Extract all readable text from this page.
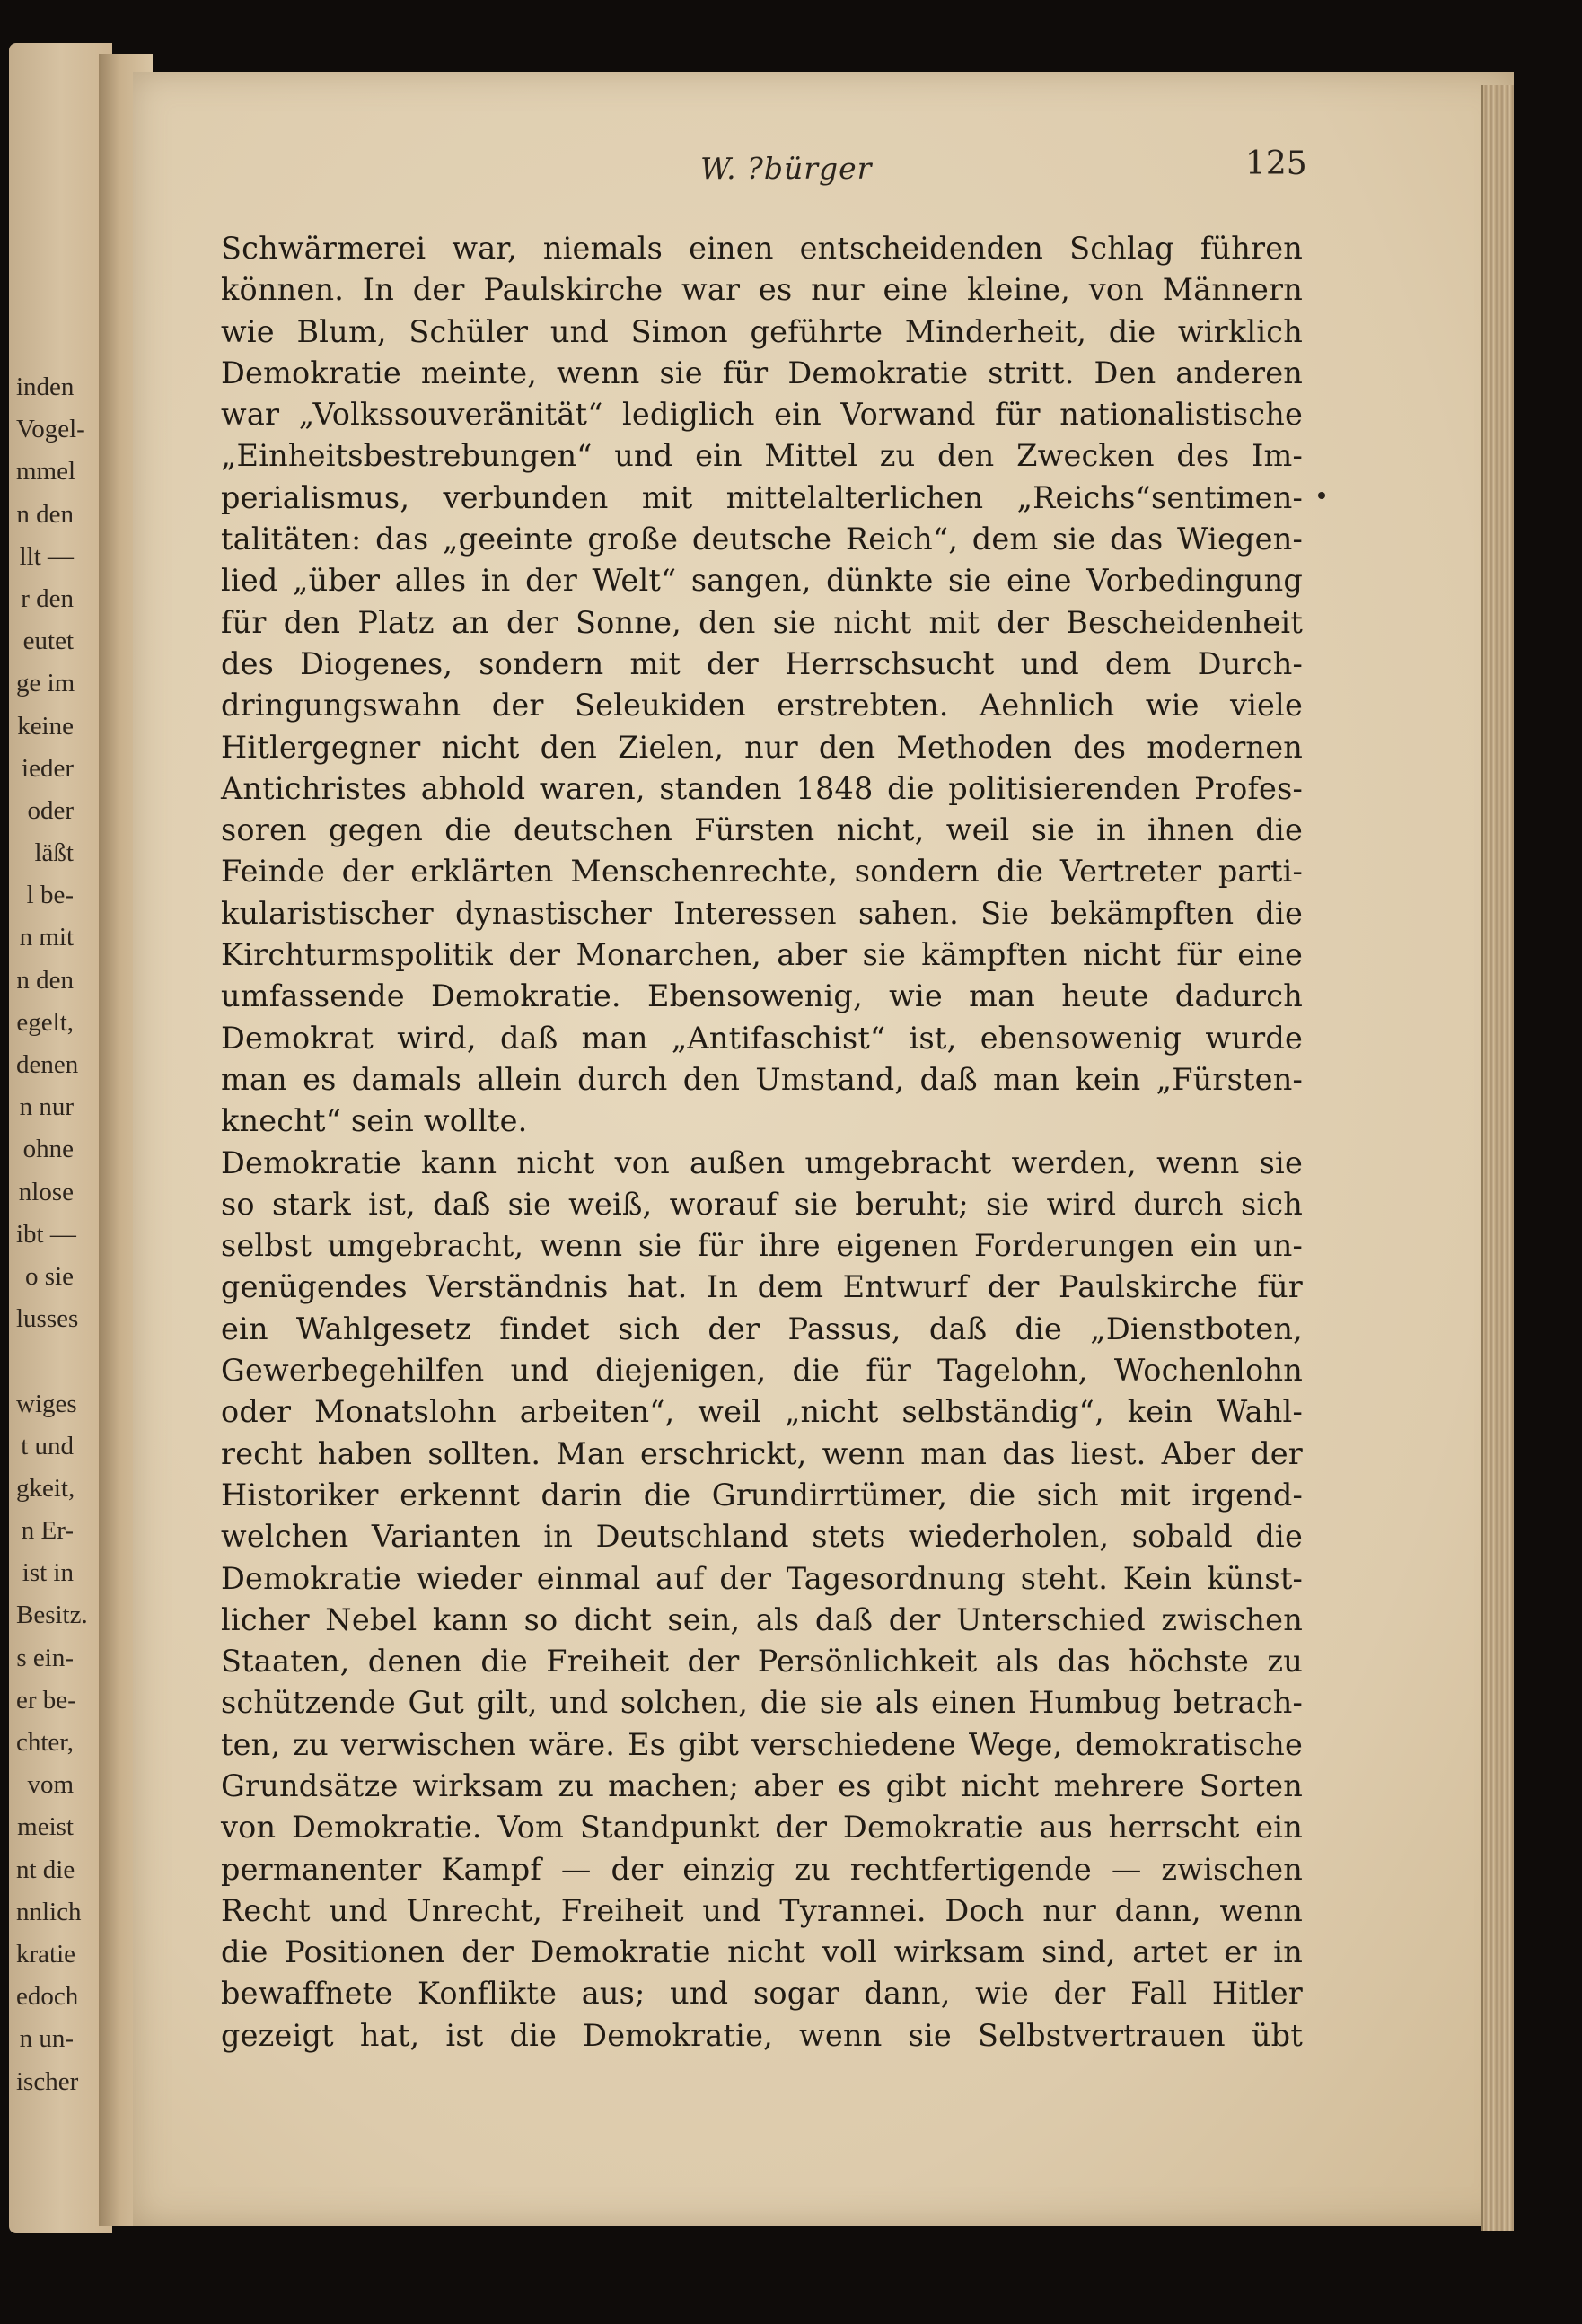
inden
Vogel-
mmel
n den
llt —
r den
eutet
ge im
keine
ieder
oder
läßt
l be-
n mit
n den
egelt,
denen
n nur
ohne
nlose
ibt —
o sie
lusses
wiges
t und
gkeit,
n Er-
ist in
Besitz.
s ein-
er be-
chter,
vom
meist
nt die
nnlich
kratie
edoch
n un-
ischer
W. ?bürger	125
Schwärmerei war, niemals einen entscheidenden Schlag führen
können. In der Paulskirche war es nur eine kleine, von Männern
wie Blum, Schüler und Simon geführte Minderheit, die wirklich
Demokratie meinte, wenn sie für Demokratie stritt. Den anderen
war „Volkssouveränität“ lediglich ein Vorwand für nationalistische
„Einheitsbestrebungen“ und ein Mittel zu den Zwecken des Im-
perialismus, verbunden mit mittelalterlichen „Reichs“sentimen-
talitäten: das „geeinte große deutsche Reich“, dem sie das Wiegen-
lied „über alles in der Welt“ sangen, dünkte sie eine Vorbedingung
für den Platz an der Sonne, den sie nicht mit der Bescheidenheit
des Diogenes, sondern mit der Herrschsucht und dem Durch-
dringungswahn der Seleukiden erstrebten. Aehnlich wie viele
Hitlergegner nicht den Zielen, nur den Methoden des modernen
Antichristes abhold waren, standen 1848 die politisierenden Profes-
soren gegen die deutschen Fürsten nicht, weil sie in ihnen die
Feinde der erklärten Menschenrechte, sondern die Vertreter parti-
kularistischer dynastischer Interessen sahen. Sie bekämpften die
Kirchturmspolitik der Monarchen, aber sie kämpften nicht für eine
umfassende Demokratie. Ebensowenig, wie man heute dadurch
Demokrat wird, daß man „Antifaschist“ ist, ebensowenig wurde
man es damals allein durch den Umstand, daß man kein „Fürsten-
knecht“ sein wollte.
Demokratie kann nicht von außen umgebracht werden, wenn sie
so stark ist, daß sie weiß, worauf sie beruht; sie wird durch sich
selbst umgebracht, wenn sie für ihre eigenen Forderungen ein un-
genügendes Verständnis hat. In dem Entwurf der Paulskirche für
ein Wahlgesetz findet sich der Passus, daß die „Dienstboten,
Gewerbegehilfen und diejenigen, die für Tagelohn, Wochenlohn
oder Monatslohn arbeiten“, weil „nicht selbständig“, kein Wahl-
recht haben sollten. Man erschrickt, wenn man das liest. Aber der
Historiker erkennt darin die Grundirrtümer, die sich mit irgend-
welchen Varianten in Deutschland stets wiederholen, sobald die
Demokratie wieder einmal auf der Tagesordnung steht. Kein künst-
licher Nebel kann so dicht sein, als daß der Unterschied zwischen
Staaten, denen die Freiheit der Persönlichkeit als das höchste zu
schützende Gut gilt, und solchen, die sie als einen Humbug betrach-
ten, zu verwischen wäre. Es gibt verschiedene Wege, demokratische
Grundsätze wirksam zu machen; aber es gibt nicht mehrere Sorten
von Demokratie. Vom Standpunkt der Demokratie aus herrscht ein
permanenter Kampf — der einzig zu rechtfertigende — zwischen
Recht und Unrecht, Freiheit und Tyrannei. Doch nur dann, wenn
die Positionen der Demokratie nicht voll wirksam sind, artet er in
bewaffnete Konflikte aus; und sogar dann, wie der Fall Hitler
gezeigt hat, ist die Demokratie, wenn sie Selbstvertrauen übt
